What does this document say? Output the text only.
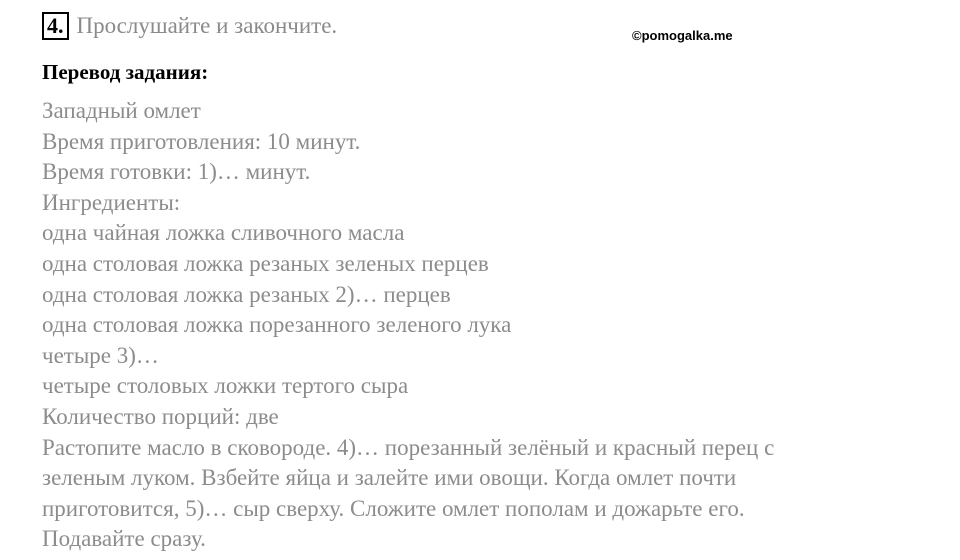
4. Прослушайте и закончите.	©pomogalka.me
Перевод задания:
Западный омлет
Время приготовления: 10 минут.
Время готовки: 1)… минут.
Ингредиенты:
одна чайная ложка сливочного масла
одна столовая ложка резаных зеленых перцев
одна столовая ложка резаных 2)… перцев
одна столовая ложка порезанного зеленого лука
четыре 3)…
четыре столовых ложки тертого сыра
Количество порций: две
Растопите масло в сковороде. 4)… порезанный зелёный и красный перец с
зеленым луком. Взбейте яйца и залейте ими овощи. Когда омлет почти
приготовится, 5)… сыр сверху. Сложите омлет пополам и дожарьте его.
Подавайте сразу.
